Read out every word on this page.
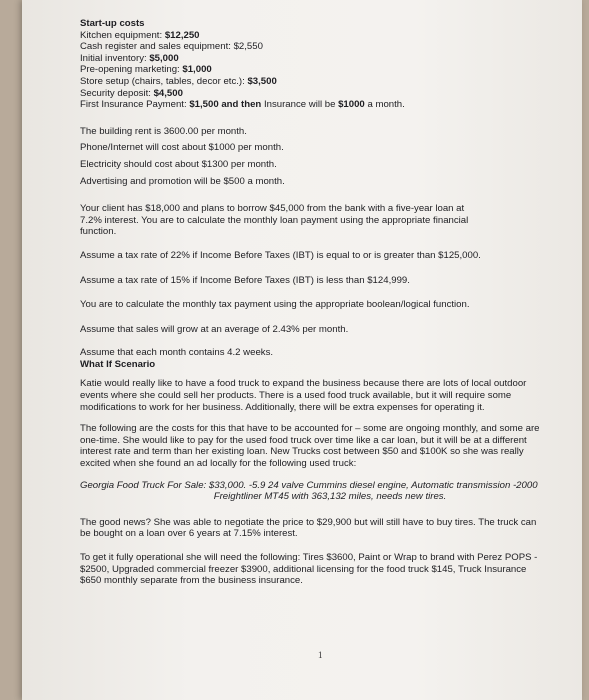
Start-up costs
Kitchen equipment: $12,250
Cash register and sales equipment: $2,550
Initial inventory: $5,000
Pre-opening marketing: $1,000
Store setup (chairs, tables, decor etc.): $3,500
Security deposit: $4,500
First Insurance Payment: $1,500 and then Insurance will be $1000 a month.
The building rent is 3600.00 per month.
Phone/Internet will cost about $1000 per month.
Electricity should cost about $1300 per month.
Advertising and promotion will be $500 a month.
Your client has $18,000 and plans to borrow $45,000 from the bank with a five-year loan at
7.2% interest. You are to calculate the monthly loan payment using the appropriate financial
function.

Assume a tax rate of 22% if Income Before Taxes (IBT) is equal to or is greater than $125,000.

Assume a tax rate of 15% if Income Before Taxes (IBT) is less than $124,999.

You are to calculate the monthly tax payment using the appropriate boolean/logical function.

Assume that sales will grow at an average of 2.43% per month.

Assume that each month contains 4.2 weeks.
What If Scenario
Katie would really like to have a food truck to expand the business because there are lots of local outdoor
events where she could sell her products. There is a used food truck available, but it will require some
modifications to work for her business. Additionally, there will be extra expenses for operating it.
The following are the costs for this that have to be accounted for – some are ongoing monthly, and some are
one-time. She would like to pay for the used food truck over time like a car loan, but it will be at a different
interest rate and term than her existing loan. New Trucks cost between $50 and $100K so she was really
excited when she found an ad locally for the following used truck:
Georgia Food Truck For Sale: $33,000. -5.9 24 valve Cummins diesel engine, Automatic transmission -2000
Freightliner MT45 with 363,132 miles, needs new tires.
The good news? She was able to negotiate the price to $29,900 but will still have to buy tires. The truck can
be bought on a loan over 6 years at 7.15% interest.
To get it fully operational she will need the following: Tires $3600, Paint or Wrap to brand with Perez POPS -
$2500, Upgraded commercial freezer $3900, additional licensing for the food truck $145, Truck Insurance
$650 monthly separate from the business insurance.
1
